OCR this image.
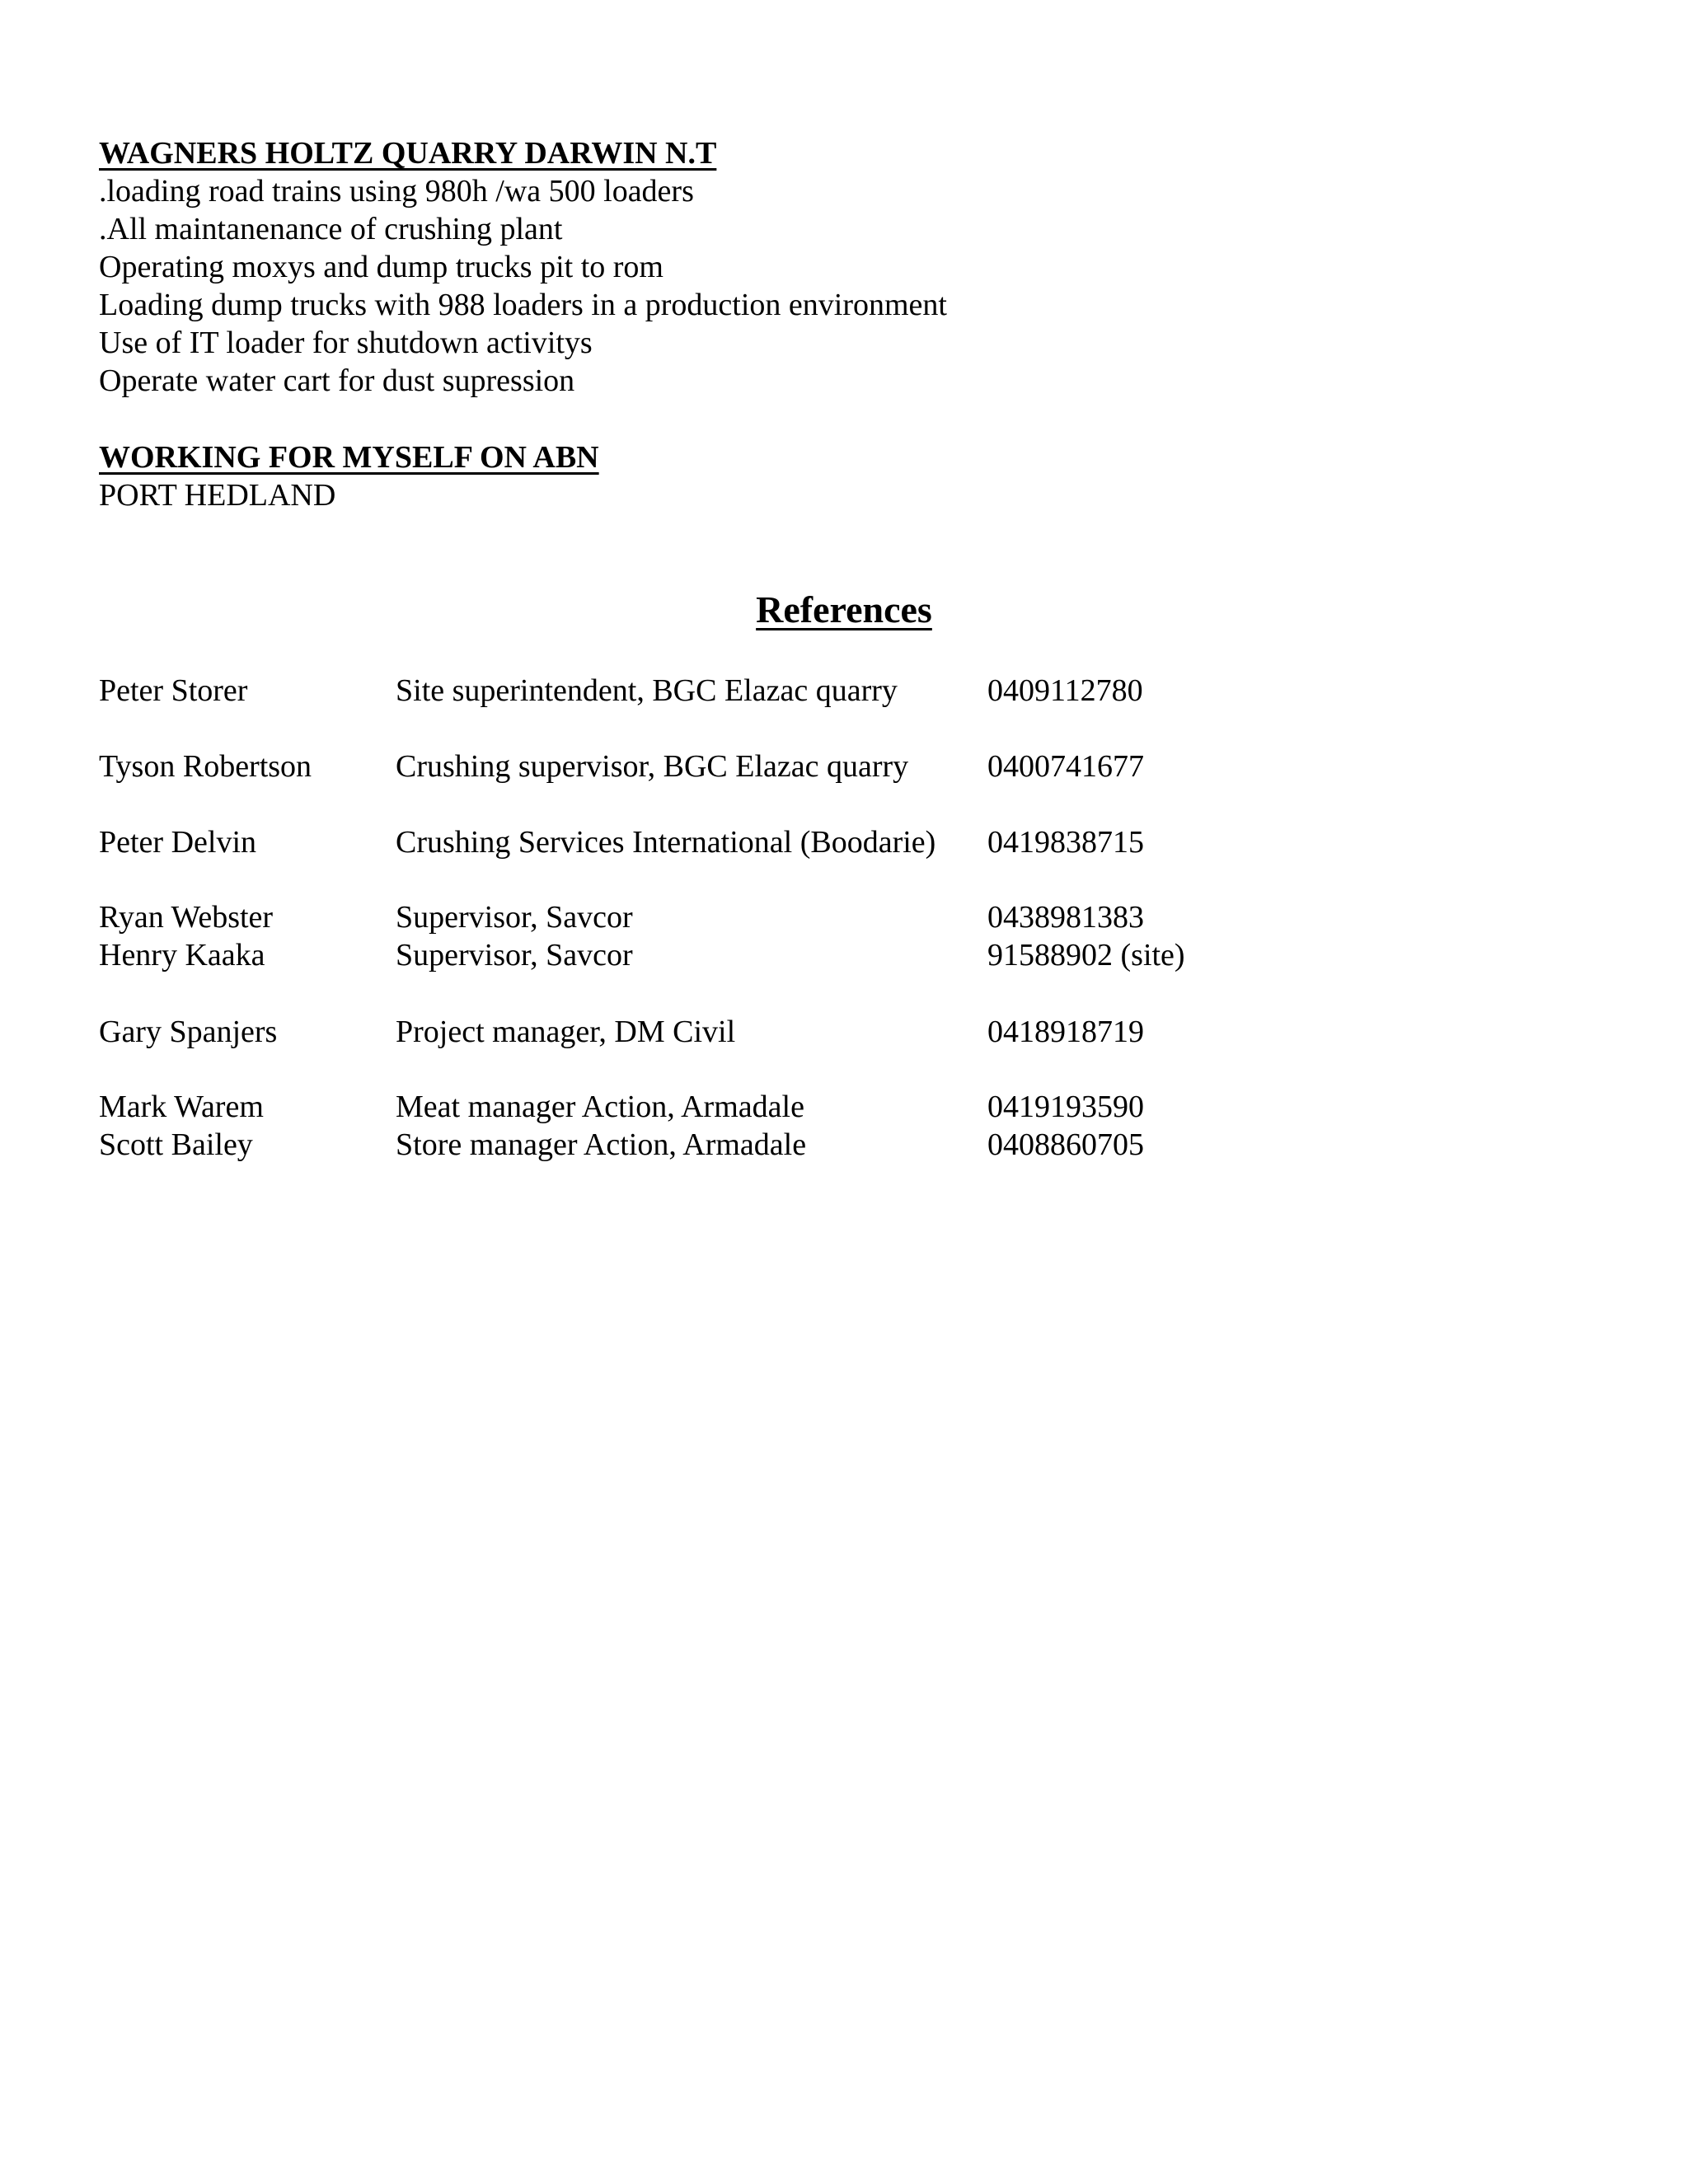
WAGNERS HOLTZ QUARRY DARWIN N.T

.loading road trains using 980h /wa 500 loaders

.All maintanenance of crushing plant

Operating moxys and dump trucks pit to rom

Loading dump trucks with 988 loaders in a production environment

Use of IT loader for shutdown activitys

Operate water cart for dust supression

WORKING FOR MYSELF ON ABN

PORT HEDLAND

References
Peter Storer	Site superintendent, BGC Elazac quarry	0409112780
Tyson Robertson	Crushing supervisor, BGC Elazac quarry	0400741677
Peter Delvin	Crushing Services International (Boodarie) 0419838715
Ryan Webster	Supervisor, Savcor	0438981383
Henry Kaaka	Supervisor, Savcor	91588902 (site)
Gary Spanjers	Project manager, DM Civil	0418918719
Mark Warem	Meat manager Action, Armadale	0419193590
Scott Bailey	Store manager Action, Armadale	0408860705
